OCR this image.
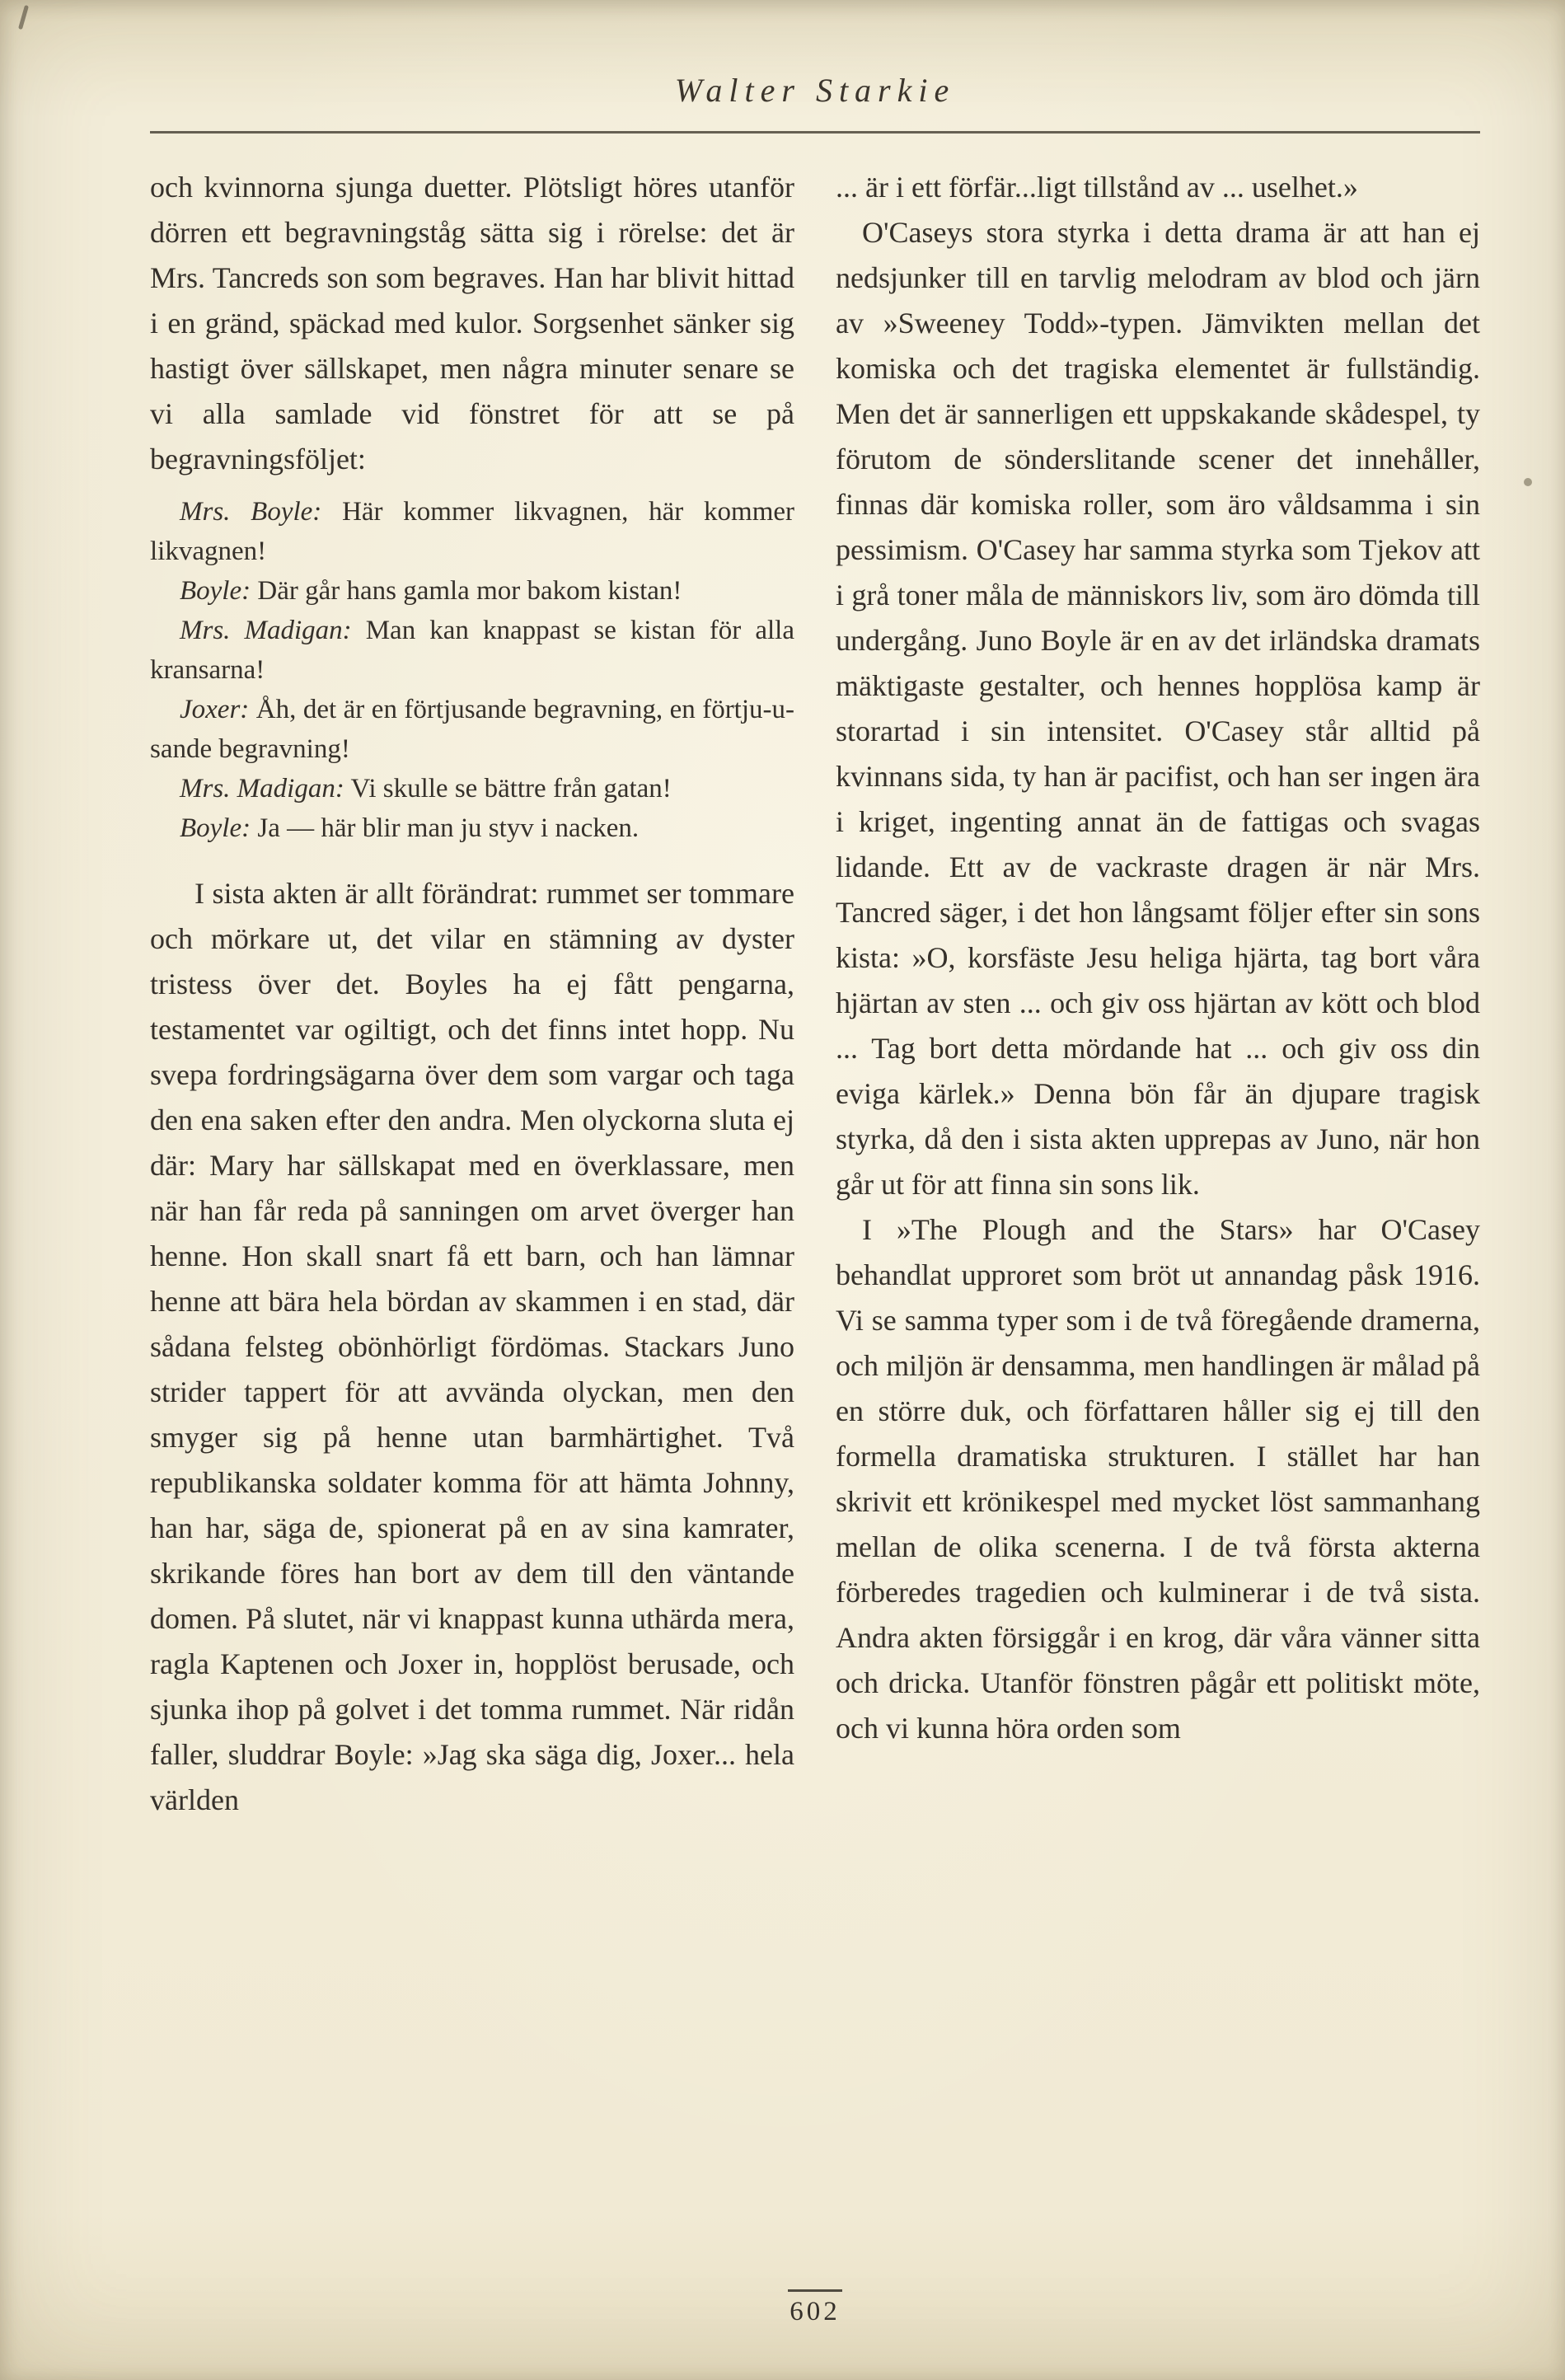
Walter Starkie

och kvinnorna sjunga duetter. Plötsligt höres utanför dörren ett begravningståg sätta sig i rörelse: det är Mrs. Tancreds son som begraves. Han har blivit hittad i en gränd, späckad med kulor. Sorgsenhet sänker sig hastigt över sällskapet, men några minuter senare se vi alla samlade vid fönstret för att se på begravningsföljet:

Mrs. Boyle: Här kommer likvagnen, här kommer likvagnen!

Boyle: Där går hans gamla mor bakom kistan!

Mrs. Madigan: Man kan knappast se kistan för alla kransarna!

Joxer: Åh, det är en förtjusande begravning, en förtju-u-sande begravning!

Mrs. Madigan: Vi skulle se bättre från gatan!

Boyle: Ja — här blir man ju styv i nacken.

I sista akten är allt förändrat: rummet ser tommare och mörkare ut, det vilar en stämning av dyster tristess över det. Boyles ha ej fått pengarna, testamentet var ogiltigt, och det finns intet hopp. Nu svepa fordringsägarna över dem som vargar och taga den ena saken efter den andra. Men olyckorna sluta ej där: Mary har sällskapat med en överklassare, men när han får reda på sanningen om arvet överger han henne. Hon skall snart få ett barn, och han lämnar henne att bära hela bördan av skammen i en stad, där sådana felsteg obönhörligt fördömas. Stackars Juno strider tappert för att avvända olyckan, men den smyger sig på henne utan barmhärtighet. Två republikanska soldater komma för att hämta Johnny, han har, säga de, spionerat på en av sina kamrater, skrikande föres han bort av dem till den väntande domen. På slutet, när vi knappast kunna uthärda mera, ragla Kaptenen och Joxer in, hopplöst berusade, och sjunka ihop på golvet i det tomma rummet. När ridån faller, sluddrar Boyle: »Jag ska säga dig, Joxer... hela världen

... är i ett förfär...ligt tillstånd av ... uselhet.»

O'Caseys stora styrka i detta drama är att han ej nedsjunker till en tarvlig melodram av blod och järn av »Sweeney Todd»-typen. Jämvikten mellan det komiska och det tragiska elementet är fullständig. Men det är sannerligen ett uppskakande skådespel, ty förutom de sönderslitande scener det innehåller, finnas där komiska roller, som äro våldsamma i sin pessimism. O'Casey har samma styrka som Tjekov att i grå toner måla de människors liv, som äro dömda till undergång. Juno Boyle är en av det irländska dramats mäktigaste gestalter, och hennes hopplösa kamp är storartad i sin intensitet. O'Casey står alltid på kvinnans sida, ty han är pacifist, och han ser ingen ära i kriget, ingenting annat än de fattigas och svagas lidande. Ett av de vackraste dragen är när Mrs. Tancred säger, i det hon långsamt följer efter sin sons kista: »O, korsfäste Jesu heliga hjärta, tag bort våra hjärtan av sten ... och giv oss hjärtan av kött och blod ... Tag bort detta mördande hat ... och giv oss din eviga kärlek.» Denna bön får än djupare tragisk styrka, då den i sista akten upprepas av Juno, när hon går ut för att finna sin sons lik.

I »The Plough and the Stars» har O'Casey behandlat upproret som bröt ut annandag påsk 1916. Vi se samma typer som i de två föregående dramerna, och miljön är densamma, men handlingen är målad på en större duk, och författaren håller sig ej till den formella dramatiska strukturen. I stället har han skrivit ett krönikespel med mycket löst sammanhang mellan de olika scenerna. I de två första akterna förberedes tragedien och kulminerar i de två sista. Andra akten försiggår i en krog, där våra vänner sitta och dricka. Utanför fönstren pågår ett politiskt möte, och vi kunna höra orden som

602
